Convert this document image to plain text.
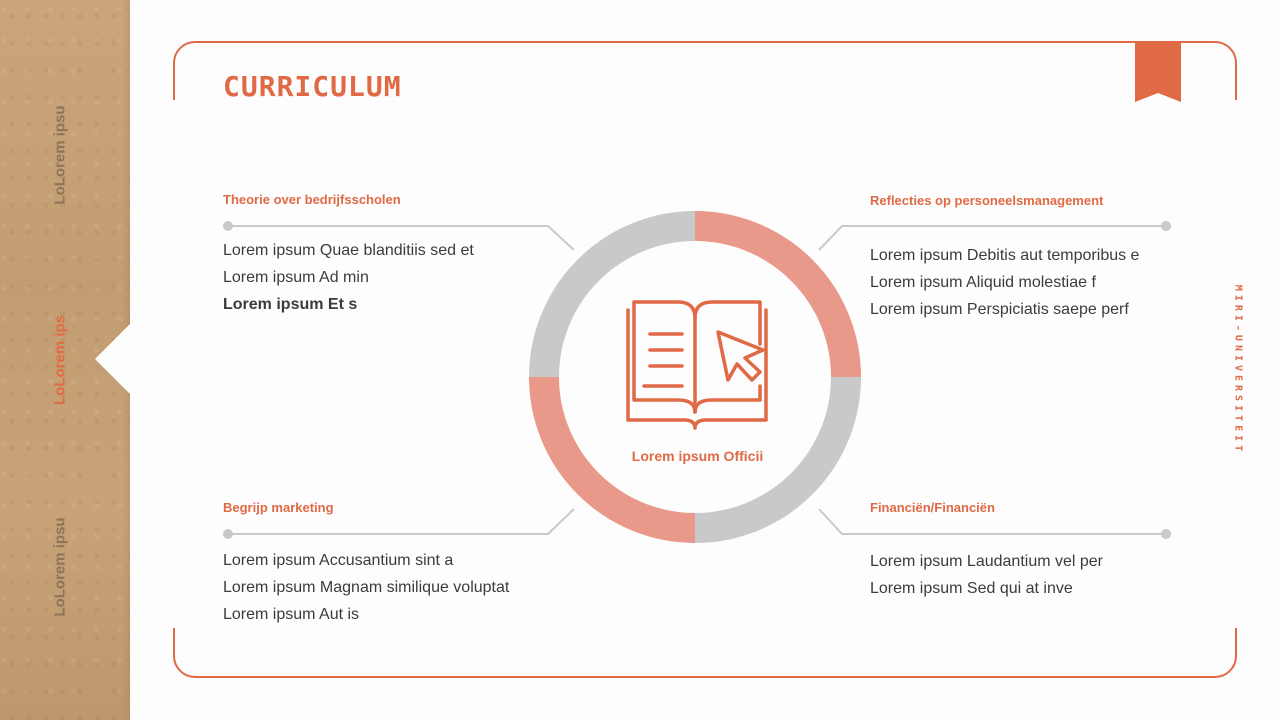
LoLorem ipsu
LoLorem ips
LoLorem ipsu
CURRICULUM
MIRI-UNIVERSITEIT
Theorie over bedrijfsscholen
Lorem ipsum Quae blanditiis sed et
Lorem ipsum Ad min
Lorem ipsum Et s
Reflecties op personeelsmanagement
Lorem ipsum Debitis aut temporibus e
Lorem ipsum Aliquid molestiae f
Lorem ipsum Perspiciatis saepe perf
Begrijp marketing
Lorem ipsum Accusantium sint a
Lorem ipsum Magnam similique voluptat
Lorem ipsum Aut is
Financiën/Financiën
Lorem ipsum Laudantium vel per
Lorem ipsum Sed qui at inve
Lorem ipsum Officii
